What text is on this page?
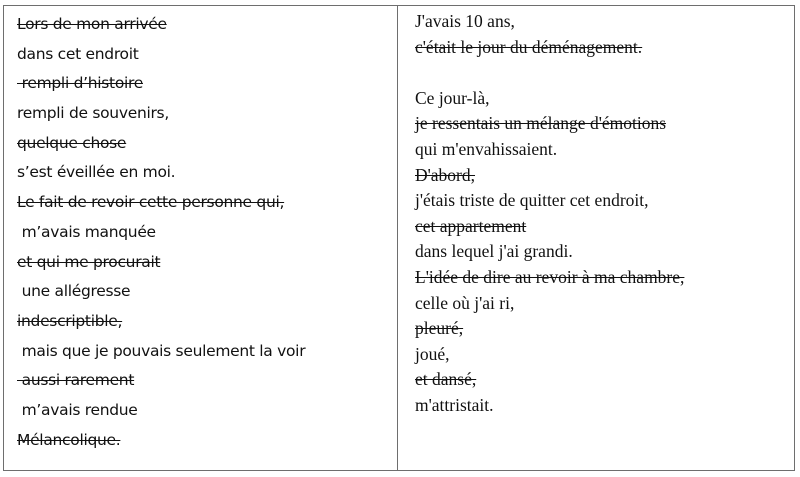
Lors de mon arrivée

dans cet endroit

rempli d’histoire

rempli de souvenirs,

quelque chose

s’est éveillée en moi.

Le fait de revoir cette personne qui,

m’avais manquée

et qui me procurait

une allégresse

indescriptible,

mais que je pouvais seulement la voir

aussi rarement

m’avais rendue

Mélancolique.

J'avais 10 ans,

c'était le jour du déménagement.

Ce jour-là,

je ressentais un mélange d'émotions

qui m'envahissaient.

D'abord,

j'étais triste de quitter cet endroit,

cet appartement

dans lequel j'ai grandi.

L'idée de dire au revoir à ma chambre,

celle où j'ai ri,

pleuré,

joué,

et dansé,

m'attristait.
